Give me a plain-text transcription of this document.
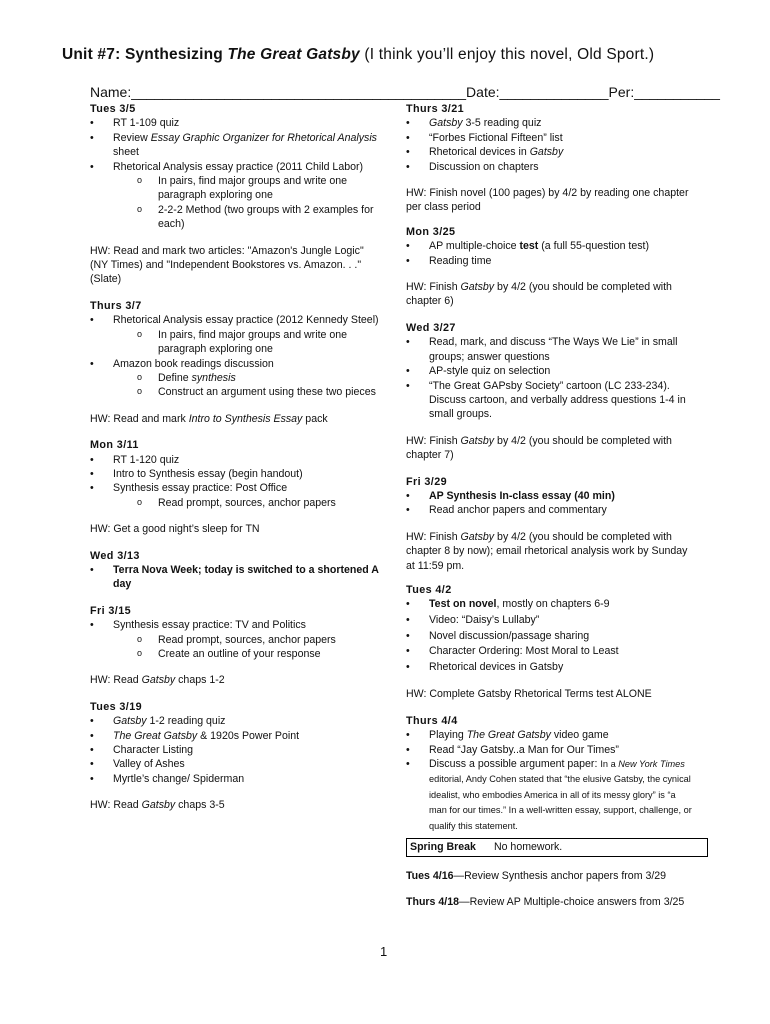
Unit #7: Synthesizing The Great Gatsby (I think you’ll enjoy this novel, Old Sport.)
Name:___________________________________________Date:______________Per:___________
Tues 3/5
• RT 1-109 quiz
• Review Essay Graphic Organizer for Rhetorical Analysis sheet
• Rhetorical Analysis essay practice (2011 Child Labor)
o In pairs, find major groups and write one paragraph exploring one
o 2-2-2 Method (two groups with 2 examples for each)

HW: Read and mark two articles: "Amazon's Jungle Logic" (NY Times) and "Independent Bookstores vs. Amazon. . ." (Slate)

Thurs 3/7
• Rhetorical Analysis essay practice (2012 Kennedy Steel)
o In pairs, find major groups and write one paragraph exploring one
• Amazon book readings discussion
o Define synthesis
o Construct an argument using these two pieces

HW: Read and mark Intro to Synthesis Essay pack

Mon 3/11
• RT 1-120 quiz
• Intro to Synthesis essay (begin handout)
• Synthesis essay practice: Post Office
o Read prompt, sources, anchor papers

HW: Get a good night’s sleep for TN

Wed 3/13
• Terra Nova Week; today is switched to a shortened A day
Fri 3/15
• Synthesis essay practice: TV and Politics
o Read prompt, sources, anchor papers
o Create an outline of your response

HW: Read Gatsby chaps 1-2

Tues 3/19
• Gatsby 1-2 reading quiz
• The Great Gatsby & 1920s Power Point
• Character Listing
• Valley of Ashes
• Myrtle’s change/ Spiderman

HW: Read Gatsby chaps 3-5

Thurs 3/21
• Gatsby 3-5 reading quiz
• “Forbes Fictional Fifteen” list
• Rhetorical devices in Gatsby
• Discussion on chapters

HW: Finish novel (100 pages) by 4/2 by reading one chapter per class period

Mon 3/25
• AP multiple-choice test (a full 55-question test)
• Reading time

HW: Finish Gatsby by 4/2 (you should be completed with chapter 6)

Wed 3/27
• Read, mark, and discuss “The Ways We Lie” in small groups; answer questions
• AP-style quiz on selection
• “The Great GAPsby Society” cartoon (LC 233-234). Discuss cartoon, and verbally address questions 1-4 in small groups.

HW: Finish Gatsby by 4/2 (you should be completed with chapter 7)

Fri 3/29
• AP Synthesis In-class essay (40 min)
• Read anchor papers and commentary

HW: Finish Gatsby by 4/2 (you should be completed with chapter 8 by now); email rhetorical analysis work by Sunday at 11:59 pm.

Tues 4/2
• Test on novel, mostly on chapters 6-9
• Video: “Daisy’s Lullaby”
• Novel discussion/passage sharing
• Character Ordering: Most Moral to Least
• Rhetorical devices in Gatsby

HW: Complete Gatsby Rhetorical Terms test ALONE

Thurs 4/4
• Playing The Great Gatsby video game
• Read “Jay Gatsby..a Man for Our Times”
• Discuss a possible argument paper: In a New York Times editorial, Andy Cohen stated that “the elusive Gatsby, the cynical idealist, who embodies America in all of its messy glory” is “a man for our times.” In a well-written essay, support, challenge, or qualify this statement.
Spring Break No homework.

Tues 4/16—Review Synthesis anchor papers from 3/29

Thurs 4/18—Review AP Multiple-choice answers from 3/25

1
